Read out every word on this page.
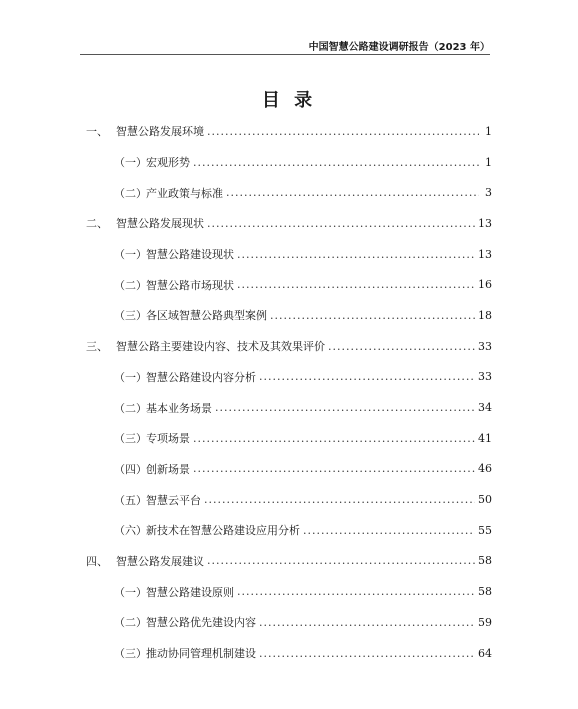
中国智慧公路建设调研报告（2023 年）
目 录
一、 智慧公路发展环境 .....	1
（一） 宏观形势 .....	1
（二） 产业政策与标准 .....	3
二、 智慧公路发展现状 .....	13
（一） 智慧公路建设现状 .....	13
（二） 智慧公路市场现状 .....	16
（三） 各区域智慧公路典型案例 .....	18
三、 智慧公路主要建设内容、技术及其效果评价 .....	33
（一） 智慧公路建设内容分析 .....	33
（二） 基本业务场景 .....	34
（三） 专项场景 .....	41
（四） 创新场景 .....	46
（五） 智慧云平台 .....	50
（六） 新技术在智慧公路建设应用分析 .....	55
四、 智慧公路发展建议 .....	58
（一） 智慧公路建设原则 .....	58
（二） 智慧公路优先建设内容 .....	59
（三） 推动协同管理机制建设 .....	64
